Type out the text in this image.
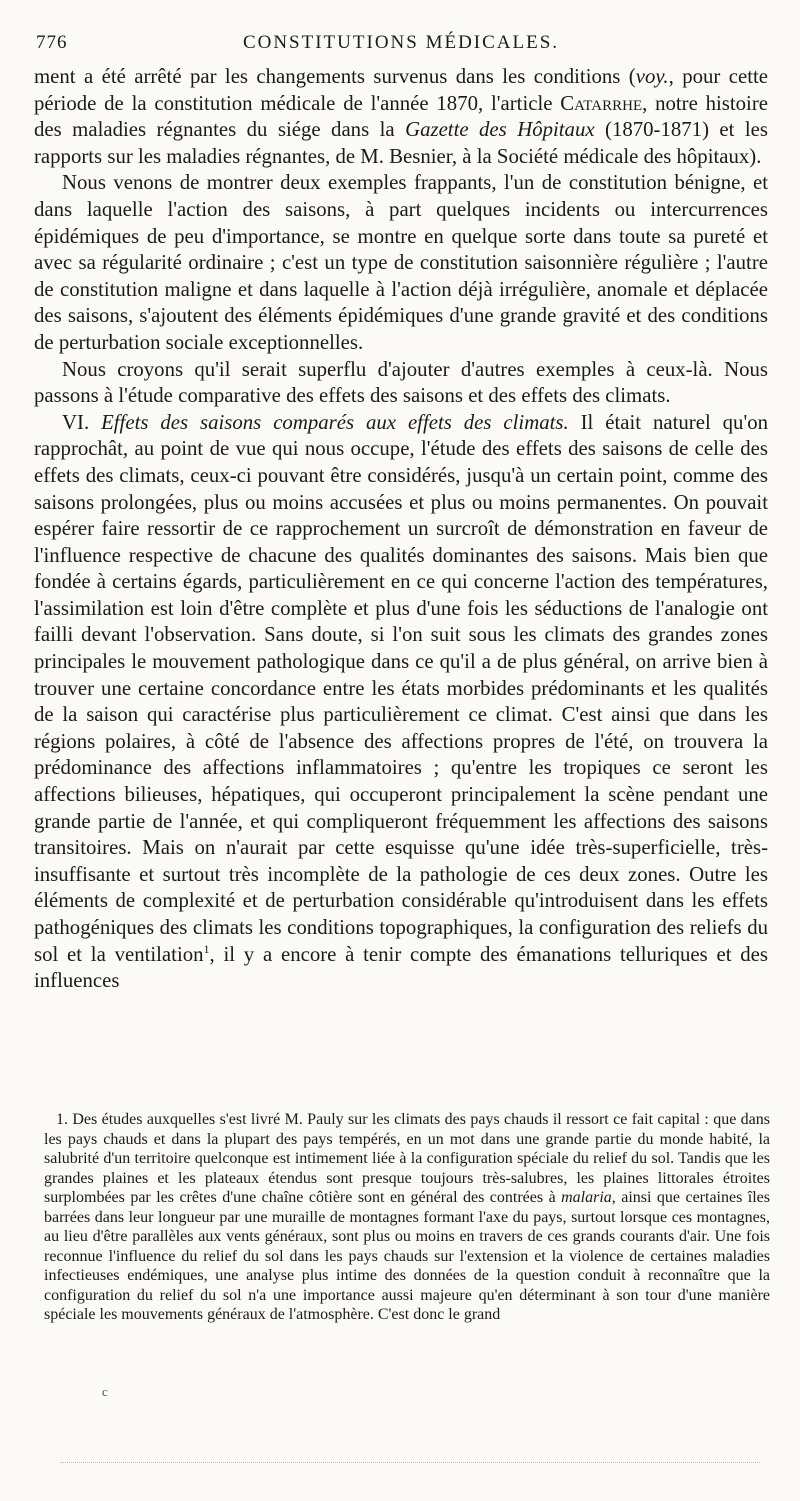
776	CONSTITUTIONS MÉDICALES.

ment a été arrêté par les changements survenus dans les conditions (voy., pour cette période de la constitution médicale de l'année 1870, l'article Catarrhe, notre histoire des maladies régnantes du siége dans la Gazette des Hôpitaux (1870-1871) et les rapports sur les maladies régnantes, de M. Besnier, à la Société médicale des hôpitaux).

Nous venons de montrer deux exemples frappants, l'un de constitution bénigne, et dans laquelle l'action des saisons, à part quelques incidents ou intercurrences épidémiques de peu d'importance, se montre en quelque sorte dans toute sa pureté et avec sa régularité ordinaire ; c'est un type de constitution saisonnière régulière ; l'autre de constitution maligne et dans laquelle à l'action déjà irrégulière, anomale et déplacée des saisons, s'ajoutent des éléments épidémiques d'une grande gravité et des conditions de perturbation sociale exceptionnelles.

Nous croyons qu'il serait superflu d'ajouter d'autres exemples à ceux-là. Nous passons à l'étude comparative des effets des saisons et des effets des climats.

VI. Effets des saisons comparés aux effets des climats. Il était naturel qu'on rapprochât, au point de vue qui nous occupe, l'étude des effets des saisons de celle des effets des climats, ceux-ci pouvant être considérés, jusqu'à un certain point, comme des saisons prolongées, plus ou moins accusées et plus ou moins permanentes. On pouvait espérer faire ressortir de ce rapprochement un surcroît de démonstration en faveur de l'influence respective de chacune des qualités dominantes des saisons. Mais bien que fondée à certains égards, particulièrement en ce qui concerne l'action des températures, l'assimilation est loin d'être complète et plus d'une fois les séductions de l'analogie ont failli devant l'observation. Sans doute, si l'on suit sous les climats des grandes zones principales le mouvement pathologique dans ce qu'il a de plus général, on arrive bien à trouver une certaine concordance entre les états morbides prédominants et les qualités de la saison qui caractérise plus particulièrement ce climat. C'est ainsi que dans les régions polaires, à côté de l'absence des affections propres de l'été, on trouvera la prédominance des affections inflammatoires ; qu'entre les tropiques ce seront les affections bilieuses, hépatiques, qui occuperont principalement la scène pendant une grande partie de l'année, et qui compliqueront fréquemment les affections des saisons transitoires. Mais on n'aurait par cette esquisse qu'une idée très-superficielle, très-insuffisante et surtout très incomplète de la pathologie de ces deux zones. Outre les éléments de complexité et de perturbation considérable qu'introduisent dans les effets pathogéniques des climats les conditions topographiques, la configuration des reliefs du sol et la ventilation$^1$, il y a encore à tenir compte des émanations telluriques et des influences

1. Des études auxquelles s'est livré M. Pauly sur les climats des pays chauds il ressort ce fait capital : que dans les pays chauds et dans la plupart des pays tempérés, en un mot dans une grande partie du monde habité, la salubrité d'un territoire quelconque est intimement liée à la configuration spéciale du relief du sol. Tandis que les grandes plaines et les plateaux étendus sont presque toujours très-salubres, les plaines littorales étroites surplombées par les crêtes d'une chaîne côtière sont en général des contrées à malaria, ainsi que certaines îles barrées dans leur longueur par une muraille de montagnes formant l'axe du pays, surtout lorsque ces montagnes, au lieu d'être parallèles aux vents généraux, sont plus ou moins en travers de ces grands courants d'air. Une fois reconnue l'influence du relief du sol dans les pays chauds sur l'extension et la violence de certaines maladies infectieuses endémiques, une analyse plus intime des données de la question conduit à reconnaître que la configuration du relief du sol n'a une importance aussi majeure qu'en déterminant à son tour d'une manière spéciale les mouvements généraux de l'atmosphère. C'est donc le grand

c
